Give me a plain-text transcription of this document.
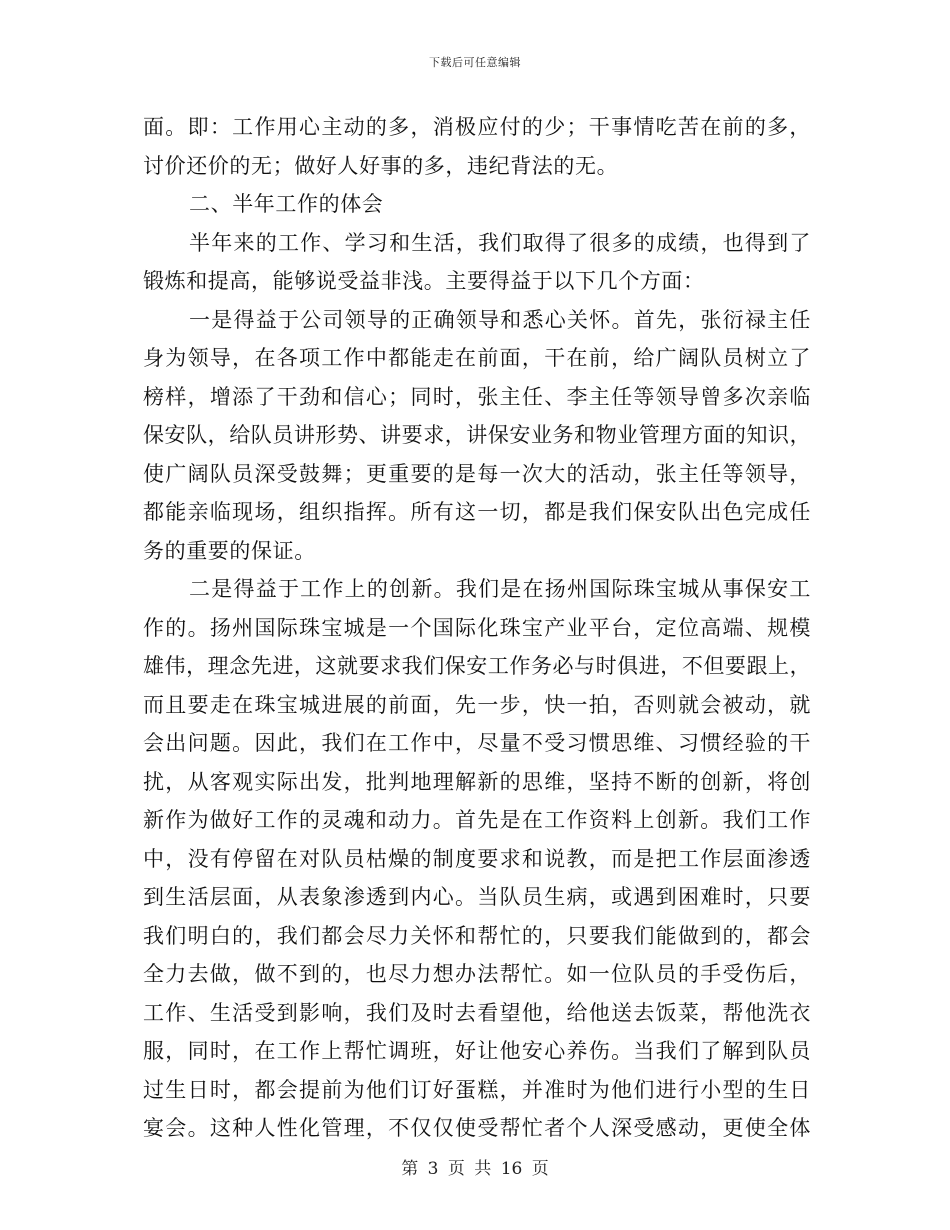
下载后可任意编辑
面。即：工作用心主动的多，消极应付的少；干事情吃苦在前的多，
讨价还价的无；做好人好事的多，违纪背法的无。
二、半年工作的体会
半年来的工作、学习和生活，我们取得了很多的成绩，也得到了
锻炼和提高，能够说受益非浅。主要得益于以下几个方面：
一是得益于公司领导的正确领导和悉心关怀。首先，张衍禄主任
身为领导，在各项工作中都能走在前面，干在前，给广阔队员树立了
榜样，增添了干劲和信心；同时，张主任、李主任等领导曾多次亲临
保安队，给队员讲形势、讲要求，讲保安业务和物业管理方面的知识，
使广阔队员深受鼓舞；更重要的是每一次大的活动，张主任等领导，
都能亲临现场，组织指挥。所有这一切，都是我们保安队出色完成任
务的重要的保证。
二是得益于工作上的创新。我们是在扬州国际珠宝城从事保安工
作的。扬州国际珠宝城是一个国际化珠宝产业平台，定位高端、规模
雄伟，理念先进，这就要求我们保安工作务必与时俱进，不但要跟上，
而且要走在珠宝城进展的前面，先一步，快一拍，否则就会被动，就
会出问题。因此，我们在工作中，尽量不受习惯思维、习惯经验的干
扰，从客观实际出发，批判地理解新的思维，坚持不断的创新，将创
新作为做好工作的灵魂和动力。首先是在工作资料上创新。我们工作
中，没有停留在对队员枯燥的制度要求和说教，而是把工作层面渗透
到生活层面，从表象渗透到内心。当队员生病，或遇到困难时，只要
我们明白的，我们都会尽力关怀和帮忙的，只要我们能做到的，都会
全力去做，做不到的，也尽力想办法帮忙。如一位队员的手受伤后，
工作、生活受到影响，我们及时去看望他，给他送去饭菜，帮他洗衣
服，同时，在工作上帮忙调班，好让他安心养伤。当我们了解到队员
过生日时，都会提前为他们订好蛋糕，并准时为他们进行小型的生日
宴会。这种人性化管理，不仅仅使受帮忙者个人深受感动，更使全体
第 3 页 共 16 页
